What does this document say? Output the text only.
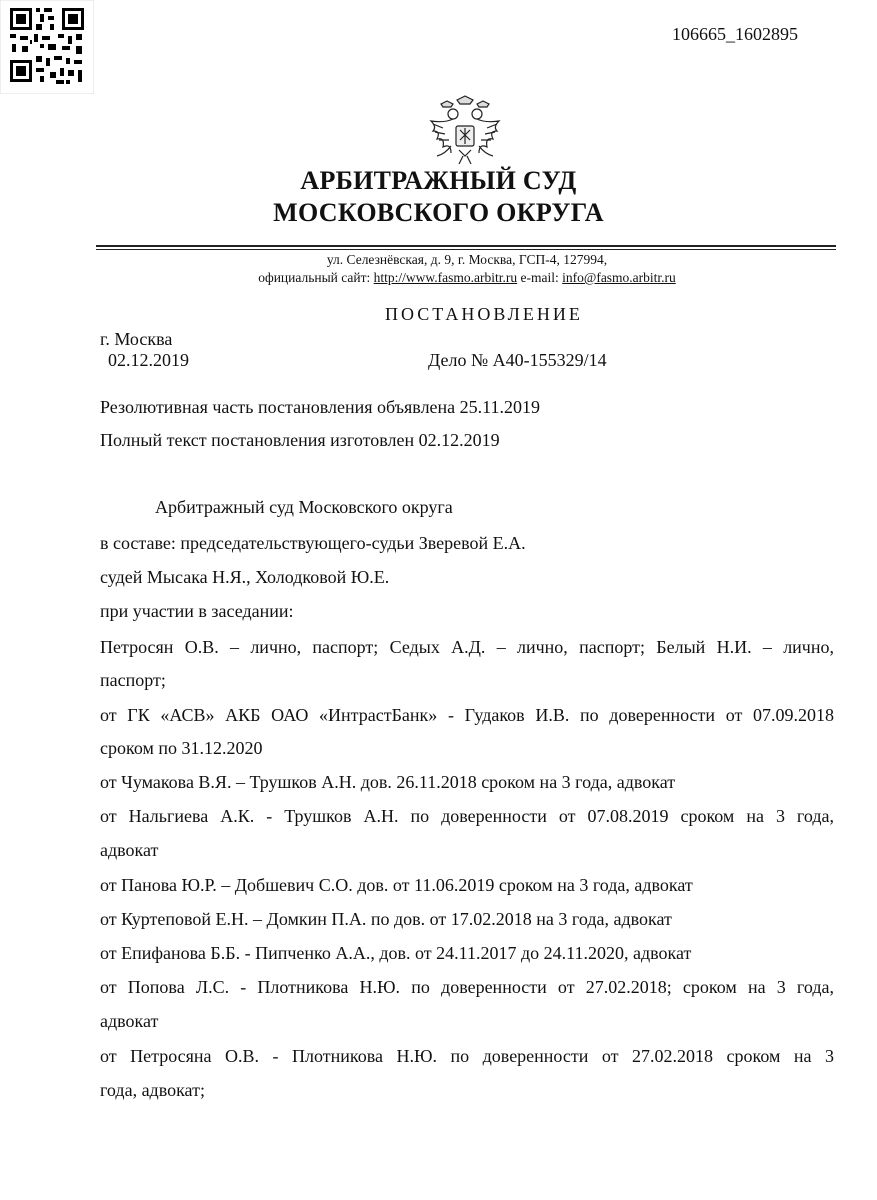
106665_1602895
АРБИТРАЖНЫЙ СУД
МОСКОВСКОГО ОКРУГА
ул. Селезнёвская, д. 9, г. Москва, ГСП-4, 127994,
официальный сайт: http://www.fasmo.arbitr.ru e-mail: info@fasmo.arbitr.ru
ПОСТАНОВЛЕНИЕ
г. Москва
02.12.2019	Дело № А40-155329/14
Резолютивная часть постановления объявлена 25.11.2019
Полный текст постановления изготовлен 02.12.2019
Арбитражный суд Московского округа
в составе: председательствующего-судьи Зверевой Е.А.
судей Мысака Н.Я., Холодковой Ю.Е.
при участии в заседании:
Петросян О.В. – лично, паспорт; Седых А.Д. – лично, паспорт; Белый Н.И. – лично,
паспорт;
от ГК «АСВ» АКБ ОАО «ИнтрастБанк» - Гудаков И.В. по доверенности от 07.09.2018
сроком по 31.12.2020
от Чумакова В.Я. – Трушков А.Н. дов. 26.11.2018 сроком на 3 года, адвокат
от Нальгиева А.К. - Трушков А.Н. по доверенности от 07.08.2019 сроком на 3 года,
адвокат
от Панова Ю.Р. – Добшевич С.О. дов. от 11.06.2019 сроком на 3 года, адвокат
от Куртеповой Е.Н. – Домкин П.А. по дов. от 17.02.2018 на 3 года, адвокат
от Епифанова Б.Б. - Пипченко А.А., дов. от 24.11.2017 до 24.11.2020, адвокат
от Попова Л.С. - Плотникова Н.Ю. по доверенности от 27.02.2018; сроком на 3 года,
адвокат
от Петросяна О.В. - Плотникова Н.Ю. по доверенности от 27.02.2018 сроком на 3
года, адвокат;
